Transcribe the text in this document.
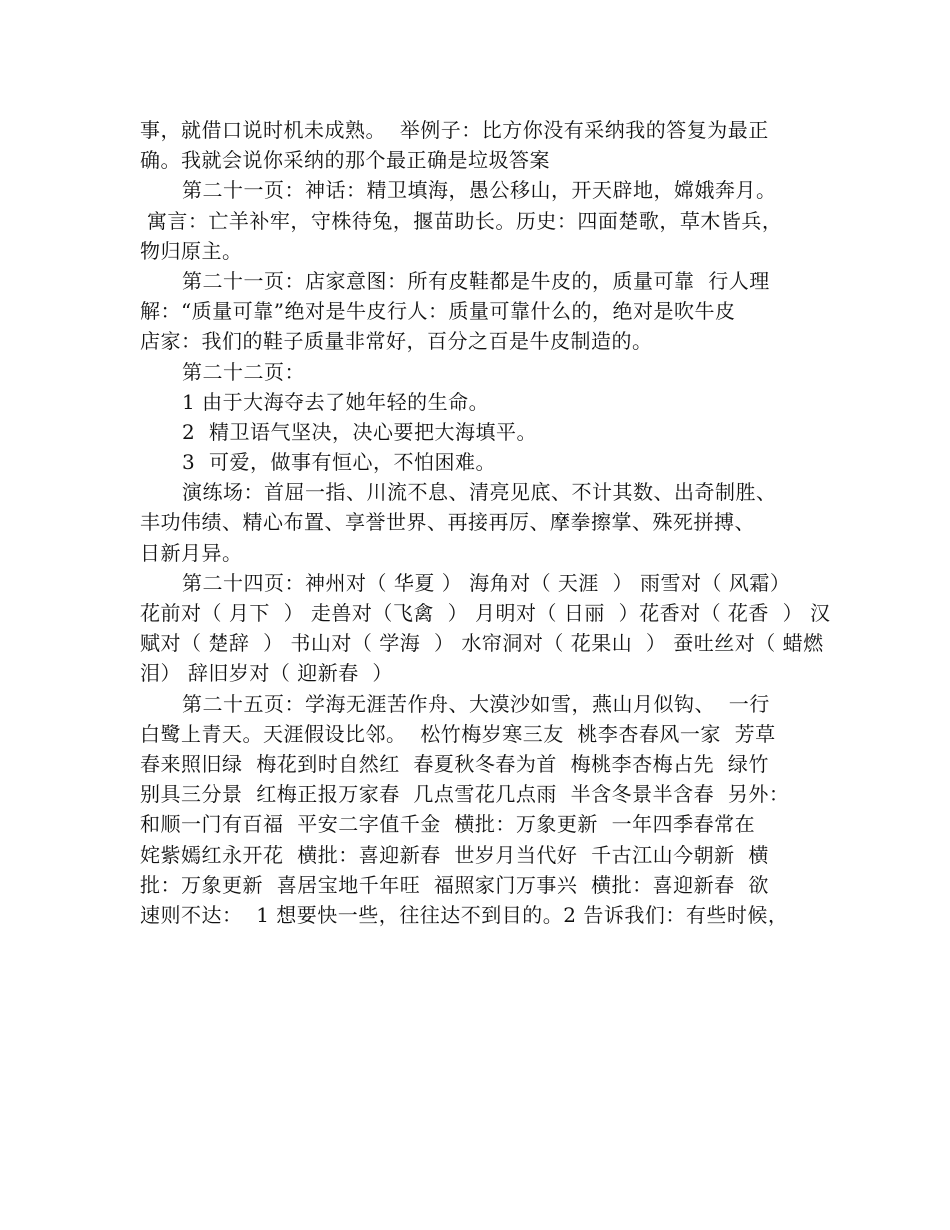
事，就借口说时机未成熟。  举例子：比方你没有采纳我的答复为最正
确。我就会说你采纳的那个最正确是垃圾答案
第二十一页：神话：精卫填海，愚公移山，开天辟地，嫦娥奔月。
寓言：亡羊补牢，守株待兔，揠苗助长。历史：四面楚歌，草木皆兵，
物归原主。
第二十一页：店家意图：所有皮鞋都是牛皮的，质量可靠  行人理
解：“质量可靠”绝对是牛皮行人：质量可靠什么的，绝对是吹牛皮
店家：我们的鞋子质量非常好，百分之百是牛皮制造的。
第二十二页：
1 由于大海夺去了她年轻的生命。
2  精卫语气坚决，决心要把大海填平。
3  可爱，做事有恒心，不怕困难。
演练场：首屈一指、川流不息、清亮见底、不计其数、出奇制胜、
丰功伟绩、精心布置、享誉世界、再接再厉、摩拳擦掌、殊死拼搏、
日新月异。
第二十四页：神州对（ 华夏 ） 海角对（ 天涯  ） 雨雪对（ 风霜）
花前对（ 月下  ） 走兽对（飞禽  ） 月明对（ 日丽  ）花香对（ 花香  ） 汉
赋对（ 楚辞  ） 书山对（ 学海  ） 水帘洞对（ 花果山  ） 蚕吐丝对（ 蜡燃
泪） 辞旧岁对（ 迎新春  ）
第二十五页：学海无涯苦作舟、大漠沙如雪，燕山月似钩、  一行
白鹭上青天。天涯假设比邻。  松竹梅岁寒三友  桃李杏春风一家  芳草
春来照旧绿  梅花到时自然红  春夏秋冬春为首  梅桃李杏梅占先  绿竹
别具三分景  红梅正报万家春  几点雪花几点雨  半含冬景半含春  另外：
和顺一门有百福  平安二字值千金  横批：万象更新  一年四季春常在
姹紫嫣红永开花  横批：喜迎新春  世岁月当代好  千古江山今朝新  横
批：万象更新  喜居宝地千年旺  福照家门万事兴  横批：喜迎新春  欲
速则不达：  1 想要快一些，往往达不到目的。2 告诉我们：有些时候，
